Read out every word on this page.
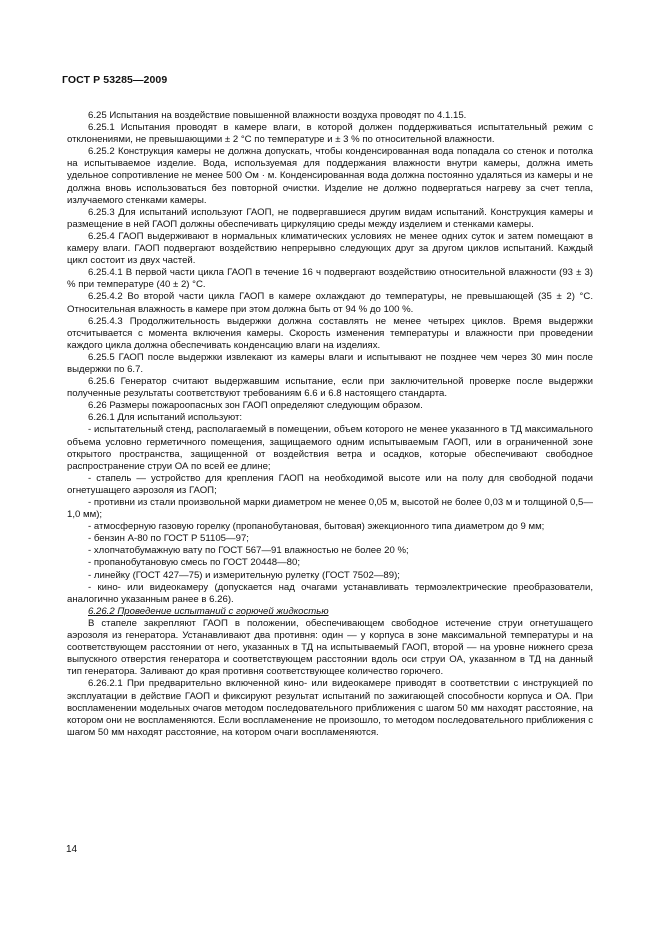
ГОСТ Р 53285—2009

6.25 Испытания на воздействие повышенной влажности воздуха проводят по 4.1.15.

6.25.1 Испытания проводят в камере влаги, в которой должен поддерживаться испытательный режим с отклонениями, не превышающими ± 2 °С по температуре и ± 3 % по относительной влажности.

6.25.2 Конструкция камеры не должна допускать, чтобы конденсированная вода попадала со стенок и потолка на испытываемое изделие. Вода, используемая для поддержания влажности внутри камеры, должна иметь удельное сопротивление не менее 500 Ом · м. Конденсированная вода должна постоянно удаляться из камеры и не должна вновь использоваться без повторной очистки. Изделие не должно подвергаться нагреву за счет тепла, излучаемого стенками камеры.

6.25.3 Для испытаний используют ГАОП, не подвергавшиеся другим видам испытаний. Конструкция камеры и размещение в ней ГАОП должны обеспечивать циркуляцию среды между изделием и стенками камеры.

6.25.4 ГАОП выдерживают в нормальных климатических условиях не менее одних суток и затем помещают в камеру влаги. ГАОП подвергают воздействию непрерывно следующих друг за другом циклов испытаний. Каждый цикл состоит из двух частей.

6.25.4.1 В первой части цикла ГАОП в течение 16 ч подвергают воздействию относительной влажности (93 ± 3) % при температуре (40 ± 2) °С.

6.25.4.2 Во второй части цикла ГАОП в камере охлаждают до температуры, не превышающей (35 ± 2) °С. Относительная влажность в камере при этом должна быть от 94 % до 100 %.

6.25.4.3 Продолжительность выдержки должна составлять не менее четырех циклов. Время выдержки отсчитывается с момента включения камеры. Скорость изменения температуры и влажности при проведении каждого цикла должна обеспечивать конденсацию влаги на изделиях.

6.25.5 ГАОП после выдержки извлекают из камеры влаги и испытывают не позднее чем через 30 мин после выдержки по 6.7.

6.25.6 Генератор считают выдержавшим испытание, если при заключительной проверке после выдержки полученные результаты соответствуют требованиям 6.6 и 6.8 настоящего стандарта.

6.26 Размеры пожароопасных зон ГАОП определяют следующим образом.

6.26.1 Для испытаний используют:

- испытательный стенд, располагаемый в помещении, объем которого не менее указанного в ТД максимального объема условно герметичного помещения, защищаемого одним испытываемым ГАОП, или в ограниченной зоне открытого пространства, защищенной от воздействия ветра и осадков, которые обеспечивают свободное распространение струи ОА по всей ее длине;

- стапель — устройство для крепления ГАОП на необходимой высоте или на полу для свободной подачи огнетушащего аэрозоля из ГАОП;

- противни из стали произвольной марки диаметром не менее 0,05 м, высотой не более 0,03 м и толщиной 0,5—1,0 мм);

- атмосферную газовую горелку (пропанобутановая, бытовая) эжекционного типа диаметром до 9 мм;

- бензин А-80 по ГОСТ Р 51105—97;

- хлопчатобумажную вату по ГОСТ 567—91 влажностью не более 20 %;

- пропанобутановую смесь по ГОСТ 20448—80;

- линейку (ГОСТ 427—75) и измерительную рулетку (ГОСТ 7502—89);

- кино- или видеокамеру (допускается над очагами устанавливать термоэлектрические преобразователи, аналогично указанным ранее в 6.26).

6.26.2 Проведение испытаний с горючей жидкостью

В стапеле закрепляют ГАОП в положении, обеспечивающем свободное истечение струи огнетушащего аэрозоля из генератора. Устанавливают два противня: один — у корпуса в зоне максимальной температуры и на соответствующем расстоянии от него, указанных в ТД на испытываемый ГАОП, второй — на уровне нижнего среза выпускного отверстия генератора и соответствующем расстоянии вдоль оси струи ОА, указанном в ТД на данный тип генератора. Заливают до края противня соответствующее количество горючего.

6.26.2.1 При предварительно включенной кино- или видеокамере приводят в соответствии с инструкцией по эксплуатации в действие ГАОП и фиксируют результат испытаний по зажигающей способности корпуса и ОА. При воспламенении модельных очагов методом последовательного приближения с шагом 50 мм находят расстояние, на котором они не воспламеняются. Если воспламенение не произошло, то методом последовательного приближения с шагом 50 мм находят расстояние, на котором очаги воспламеняются.

14
